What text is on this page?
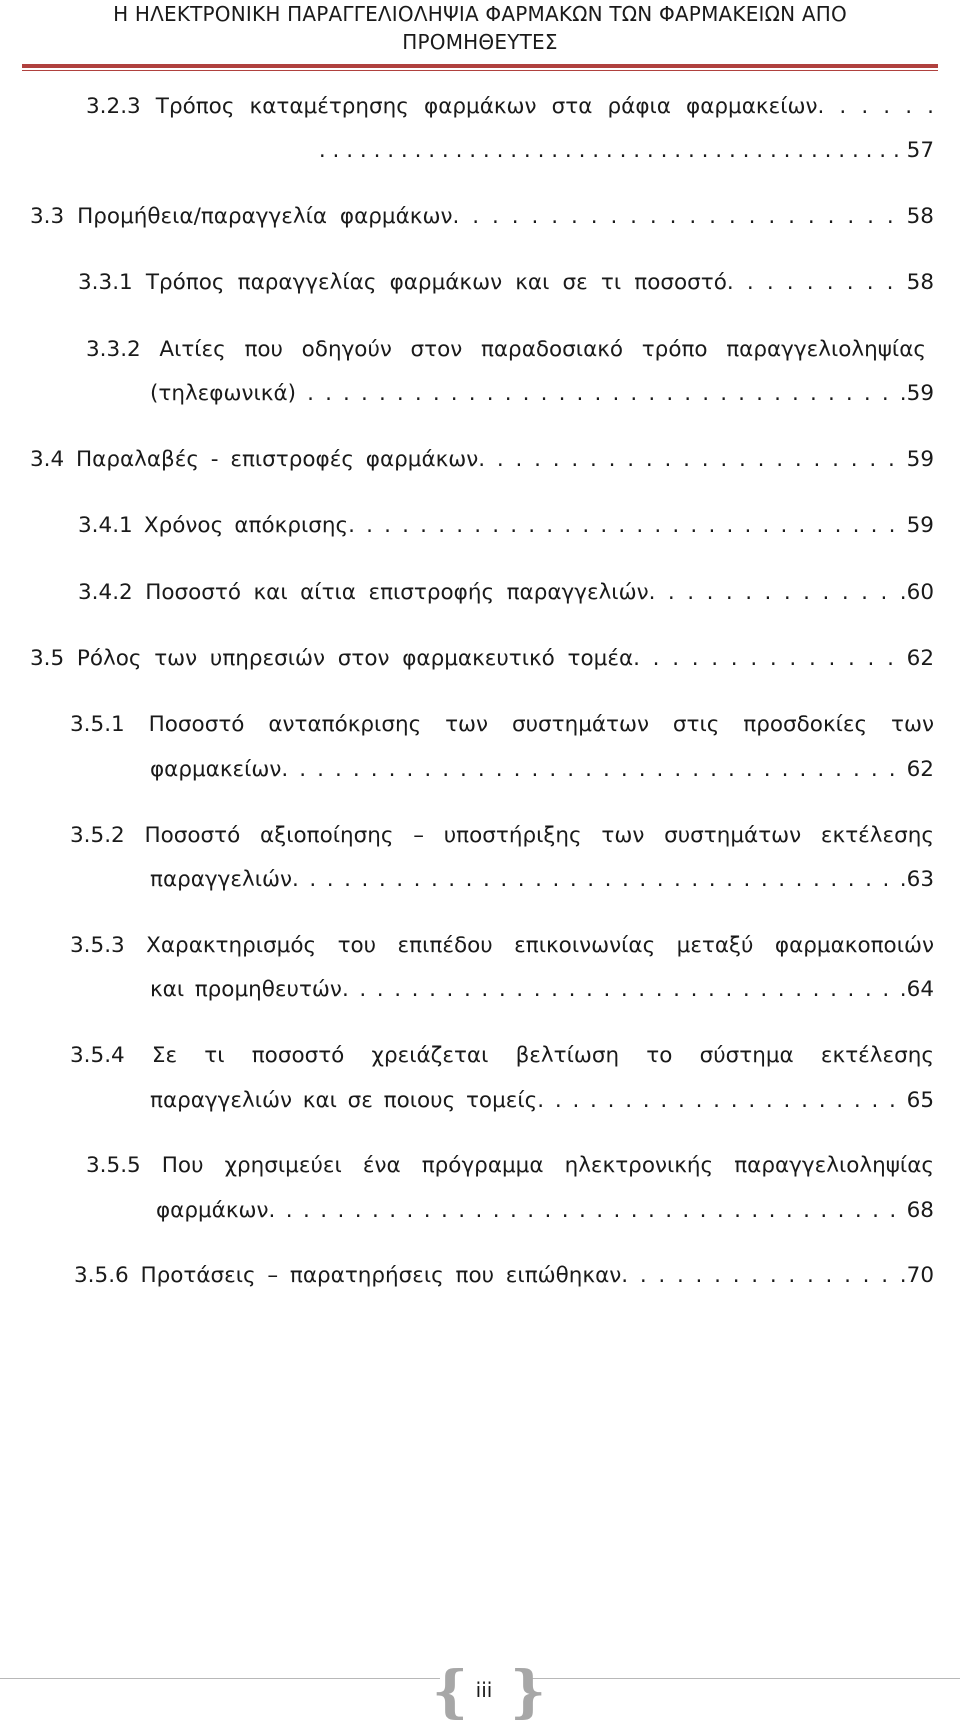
Η ΗΛΕΚΤΡΟΝΙΚΗ ΠΑΡΑΓΓΕΛΙΟΛΗΨΙΑ ΦΑΡΜΑΚΩΝ ΤΩΝ ΦΑΡΜΑΚΕΙΩΝ ΑΠΟ
ΠΡΟΜΗΘΕΥΤΕΣ
3.2.3 Τρόπος καταμέτρησης φαρμάκων στα ράφια φαρμακείων. . . . . .
. . . . . . . . . . . . . . . . . . . . . . . . . . . . . . . . . . . . . . . . . . . 57
3.3 Προμήθεια/παραγγελία φαρμάκων. . . . . . . . . . . . . . . . . . . . . . . 58
3.3.1 Τρόπος παραγγελίας φαρμάκων και σε τι ποσοστό. . . . . . . . . 58
3.3.2 Αιτίες που οδηγούν στον παραδοσιακό τρόπο παραγγελιοληψίας
(τηλεφωνικά) . . . . . . . . . . . . . . . . . . . . . . . . . . . . . . . . . .59
3.4 Παραλαβές - επιστροφές φαρμάκων. . . . . . . . . . . . . . . . . . . . . . . 59
3.4.1 Χρόνος απόκρισης. . . . . . . . . . . . . . . . . . . . . . . . . . . . . . . 59
3.4.2 Ποσοστό και αίτια επιστροφής παραγγελιών. . . . . . . . . . . . . .60
3.5 Ρόλος των υπηρεσιών στον φαρμακευτικό τομέα. . . . . . . . . . . . . . 62
3.5.1 Ποσοστό ανταπόκρισης των συστημάτων στις προσδοκίες των
φαρμακείων. . . . . . . . . . . . . . . . . . . . . . . . . . . . . . . . . . . 62
3.5.2 Ποσοστό αξιοποίησης – υποστήριξης των συστημάτων εκτέλεσης
παραγγελιών. . . . . . . . . . . . . . . . . . . . . . . . . . . . . . . . . . . .63
3.5.3 Χαρακτηρισμός του επιπέδου επικοινωνίας μεταξύ φαρμακοποιών
και προμηθευτών. . . . . . . . . . . . . . . . . . . . . . . . . . . . . . . . .64
3.5.4 Σε τι ποσοστό χρειάζεται βελτίωση το σύστημα εκτέλεσης
παραγγελιών και σε ποιους τομείς. . . . . . . . . . . . . . . . . . . . . 65
3.5.5 Που χρησιμεύει ένα πρόγραμμα ηλεκτρονικής παραγγελιοληψίας
φαρμάκων. . . . . . . . . . . . . . . . . . . . . . . . . . . . . . . . . . . . . 68
3.5.6 Προτάσεις – παρατηρήσεις που ειπώθηκαν. . . . . . . . . . . . . . . .70
{ }
iii
